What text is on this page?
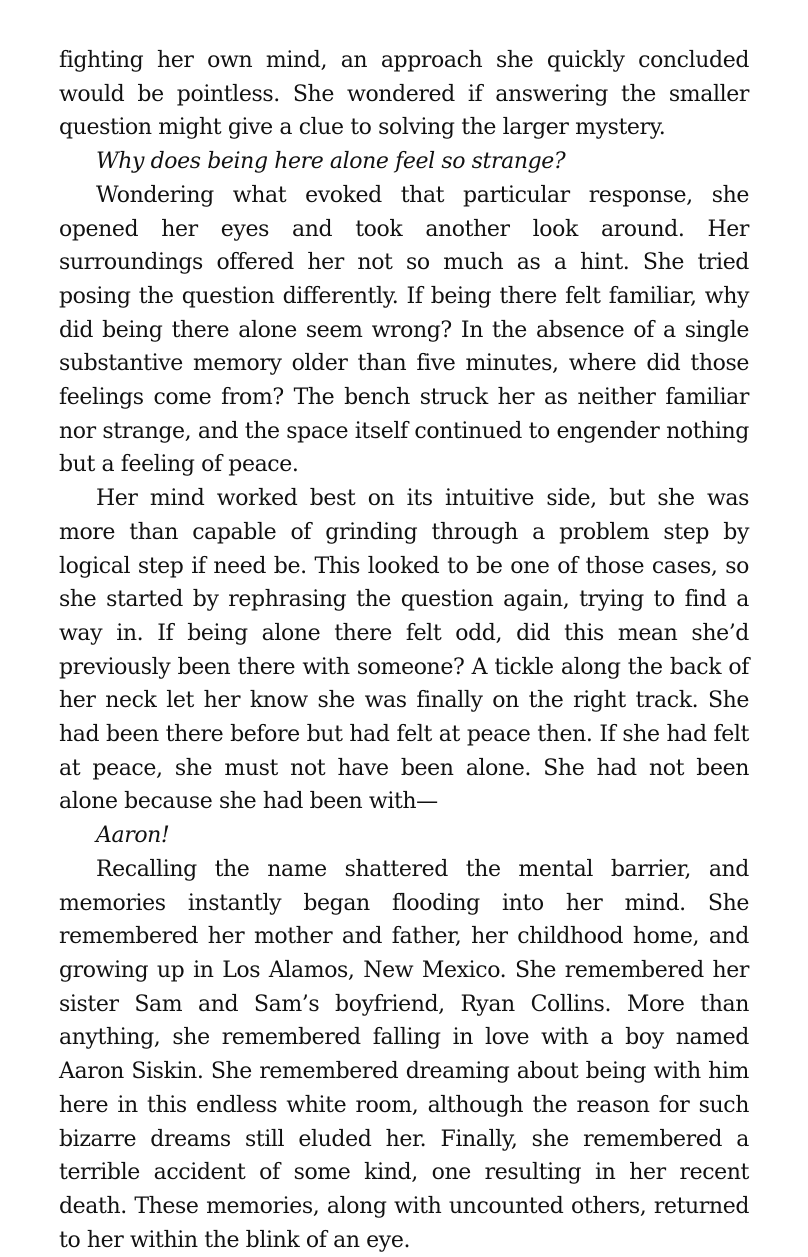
fighting her own mind, an approach she quickly concluded would be pointless. She wondered if answering the smaller question might give a clue to solving the larger mystery.

Why does being here alone feel so strange?

Wondering what evoked that particular response, she opened her eyes and took another look around. Her surroundings offered her not so much as a hint. She tried posing the question differently. If being there felt familiar, why did being there alone seem wrong? In the absence of a single substantive memory older than five minutes, where did those feelings come from? The bench struck her as neither familiar nor strange, and the space itself continued to engender nothing but a feeling of peace.

Her mind worked best on its intuitive side, but she was more than capable of grinding through a problem step by logical step if need be. This looked to be one of those cases, so she started by rephrasing the question again, trying to find a way in. If being alone there felt odd, did this mean she’d previously been there with someone? A tickle along the back of her neck let her know she was finally on the right track. She had been there before but had felt at peace then. If she had felt at peace, she must not have been alone. She had not been alone because she had been with—

Aaron!

Recalling the name shattered the mental barrier, and memories instantly began flooding into her mind. She remembered her mother and father, her childhood home, and growing up in Los Alamos, New Mexico. She remembered her sister Sam and Sam’s boyfriend, Ryan Collins. More than anything, she remembered falling in love with a boy named Aaron Siskin. She remembered dreaming about being with him here in this endless white room, although the reason for such bizarre dreams still eluded her. Finally, she remembered a terrible accident of some kind, one resulting in her recent death. These memories, along with uncounted others, returned to her within the blink of an eye.
